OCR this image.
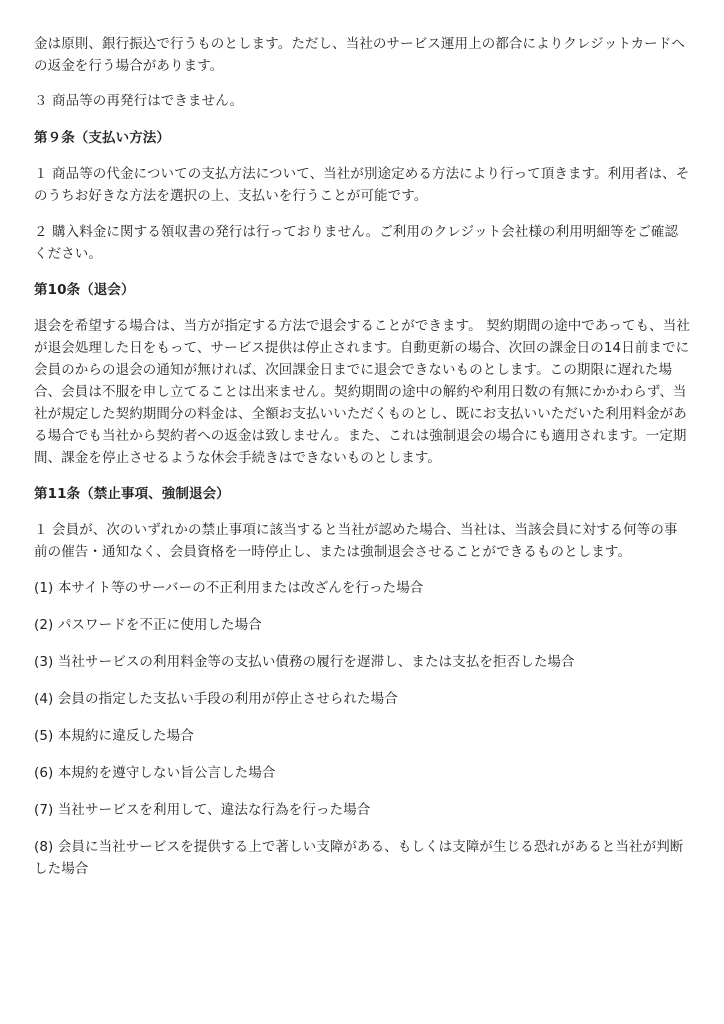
金は原則、銀行振込で行うものとします。ただし、当社のサービス運用上の都合によりクレジットカードへの返金を行う場合があります。

３ 商品等の再発行はできません。

第９条（支払い方法）

１ 商品等の代金についての支払方法について、当社が別途定める方法により行って頂きます。利用者は、そのうちお好きな方法を選択の上、支払いを行うことが可能です。

２ 購入料金に関する領収書の発行は行っておりません。ご利用のクレジット会社様の利用明細等をご確認ください。

第10条（退会）

退会を希望する場合は、当方が指定する方法で退会することができます。 契約期間の途中であっても、当社が退会処理した日をもって、サービス提供は停止されます。自動更新の場合、次回の課金日の14日前までに会員のからの退会の通知が無ければ、次回課金日までに退会できないものとします。この期限に遅れた場合、会員は不服を申し立てることは出来ません。契約期間の途中の解約や利用日数の有無にかかわらず、当社が規定した契約期間分の料金は、全額お支払いいただくものとし、既にお支払いいただいた利用料金がある場合でも当社から契約者への返金は致しません。また、これは強制退会の場合にも適用されます。一定期間、課金を停止させるような休会手続きはできないものとします。

第11条（禁止事項、強制退会）

１ 会員が、次のいずれかの禁止事項に該当すると当社が認めた場合、当社は、当該会員に対する何等の事前の催告・通知なく、会員資格を一時停止し、または強制退会させることができるものとします。

(1) 本サイト等のサーバーの不正利用または改ざんを行った場合

(2) パスワードを不正に使用した場合

(3) 当社サービスの利用料金等の支払い債務の履行を遅滞し、または支払を拒否した場合

(4) 会員の指定した支払い手段の利用が停止させられた場合

(5) 本規約に違反した場合

(6) 本規約を遵守しない旨公言した場合

(7) 当社サービスを利用して、違法な行為を行った場合

(8) 会員に当社サービスを提供する上で著しい支障がある、もしくは支障が生じる恐れがあると当社が判断した場合
